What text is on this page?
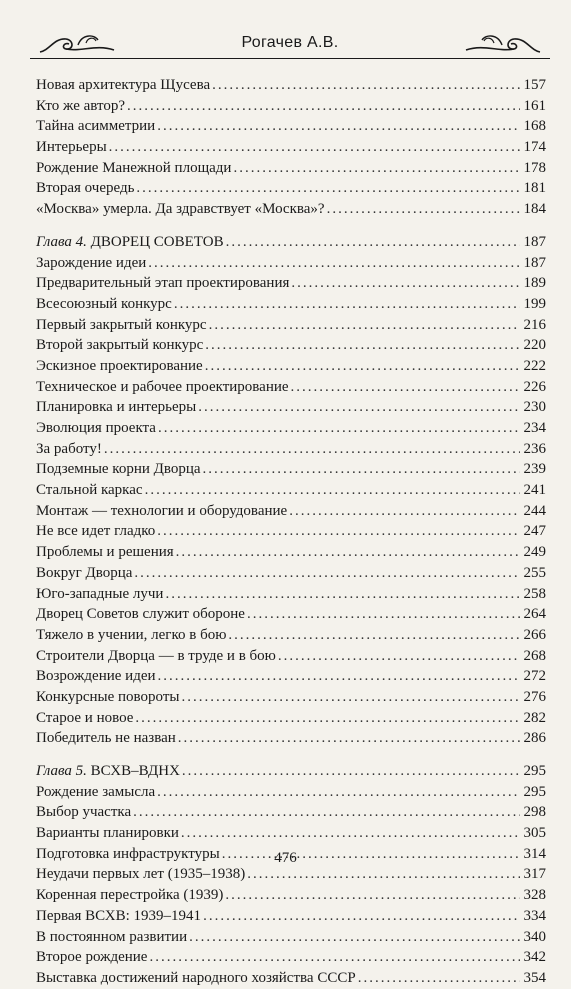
Рогачев А.В.
Новая архитектура Щусева .....	157
Кто же автор? .....	161
Тайна асимметрии .....	168
Интерьеры .....	174
Рождение Манежной площади .....	178
Вторая очередь .....	181
«Москва» умерла. Да здравствует «Москва»? .....	184
Глава 4. ДВОРЕЦ СОВЕТОВ .....	187
Зарождение идеи .....	187
Предварительный этап проектирования .....	189
Всесоюзный конкурс .....	199
Первый закрытый конкурс .....	216
Второй закрытый конкурс .....	220
Эскизное проектирование .....	222
Техническое и рабочее проектирование .....	226
Планировка и интерьеры .....	230
Эволюция проекта .....	234
За работу! .....	236
Подземные корни Дворца .....	239
Стальной каркас .....	241
Монтаж — технологии и оборудование .....	244
Не все идет гладко .....	247
Проблемы и решения .....	249
Вокруг Дворца .....	255
Юго-западные лучи .....	258
Дворец Советов служит обороне .....	264
Тяжело в учении, легко в бою .....	266
Строители Дворца — в труде и в бою .....	268
Возрождение идеи .....	272
Конкурсные повороты .....	276
Старое и новое .....	282
Победитель не назван .....	286
Глава 5. ВСХВ–ВДНХ .....	295
Рождение замысла .....	295
Выбор участка .....	298
Варианты планировки .....	305
Подготовка инфраструктуры .....	314
Неудачи первых лет (1935–1938) .....	317
Коренная перестройка (1939) .....	328
Первая ВСХВ: 1939–1941 .....	334
В постоянном развитии .....	340
Второе рождение .....	342
Выставка достижений народного хозяйства СССР .....	354
476
